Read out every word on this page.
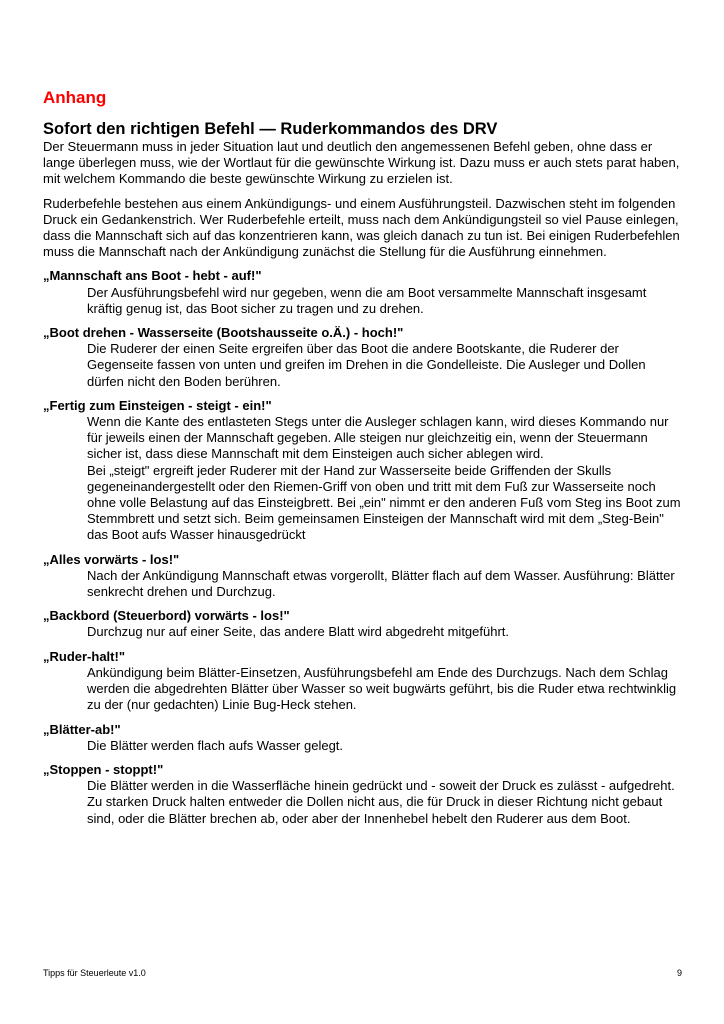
Anhang
Sofort den richtigen Befehl — Ruderkommandos des DRV

Der Steuermann muss in jeder Situation laut und deutlich den angemessenen Befehl geben, ohne dass er lange überlegen muss, wie der Wortlaut für die gewünschte Wirkung ist. Dazu muss er auch stets parat haben, mit welchem Kommando die beste gewünschte Wirkung zu erzielen ist.

Ruderbefehle bestehen aus einem Ankündigungs- und einem Ausführungsteil. Dazwischen steht im folgenden Druck ein Gedankenstrich. Wer Ruderbefehle erteilt, muss nach dem Ankündigungsteil so viel Pause einlegen, dass die Mannschaft sich auf das konzentrieren kann, was gleich danach zu tun ist. Bei einigen Ruderbefehlen muss die Mannschaft nach der Ankündigung zunächst die Stellung für die Ausführung einnehmen.

„Mannschaft ans Boot - hebt - auf!"

Der Ausführungsbefehl wird nur gegeben, wenn die am Boot versammelte Mannschaft insgesamt kräftig genug ist, das Boot sicher zu tragen und zu drehen.

„Boot drehen - Wasserseite (Bootshausseite o.Ä.) - hoch!"

Die Ruderer der einen Seite ergreifen über das Boot die andere Bootskante, die Ruderer der Gegenseite fassen von unten und greifen im Drehen in die Gondelleiste. Die Ausleger und Dollen dürfen nicht den Boden berühren.

„Fertig zum Einsteigen - steigt - ein!"

Wenn die Kante des entlasteten Stegs unter die Ausleger schlagen kann, wird dieses Kommando nur für jeweils einen der Mannschaft gegeben. Alle steigen nur gleichzeitig ein, wenn der Steuermann sicher ist, dass diese Mannschaft mit dem Einsteigen auch sicher ablegen wird.

Bei „steigt" ergreift jeder Ruderer mit der Hand zur Wasserseite beide Griffenden der Skulls gegeneinandergestellt oder den Riemen-Griff von oben und tritt mit dem Fuß zur Wasserseite noch ohne volle Belastung auf das Einsteigbrett. Bei „ein" nimmt er den anderen Fuß vom Steg ins Boot zum Stemmbrett und setzt sich. Beim gemeinsamen Einsteigen der Mannschaft wird mit dem „Steg-Bein" das Boot aufs Wasser hinausgedrückt

„Alles vorwärts - los!"

Nach der Ankündigung Mannschaft etwas vorgerollt, Blätter flach auf dem Wasser. Ausführung: Blätter senkrecht drehen und Durchzug.

„Backbord (Steuerbord) vorwärts - los!"

Durchzug nur auf einer Seite, das andere Blatt wird abgedreht mitgeführt.

„Ruder-halt!"

Ankündigung beim Blätter-Einsetzen, Ausführungsbefehl am Ende des Durchzugs. Nach dem Schlag werden die abgedrehten Blätter über Wasser so weit bugwärts geführt, bis die Ruder etwa rechtwinklig zu der (nur gedachten) Linie Bug-Heck stehen.

„Blätter-ab!"

Die Blätter werden flach aufs Wasser gelegt.

„Stoppen - stoppt!"

Die Blätter werden in die Wasserfläche hinein gedrückt und - soweit der Druck es zulässt - aufgedreht. Zu starken Druck halten entweder die Dollen nicht aus, die für Druck in dieser Richtung nicht gebaut sind, oder die Blätter brechen ab, oder aber der Innenhebel hebelt den Ruderer aus dem Boot.

Tipps für Steuerleute v1.0	9
